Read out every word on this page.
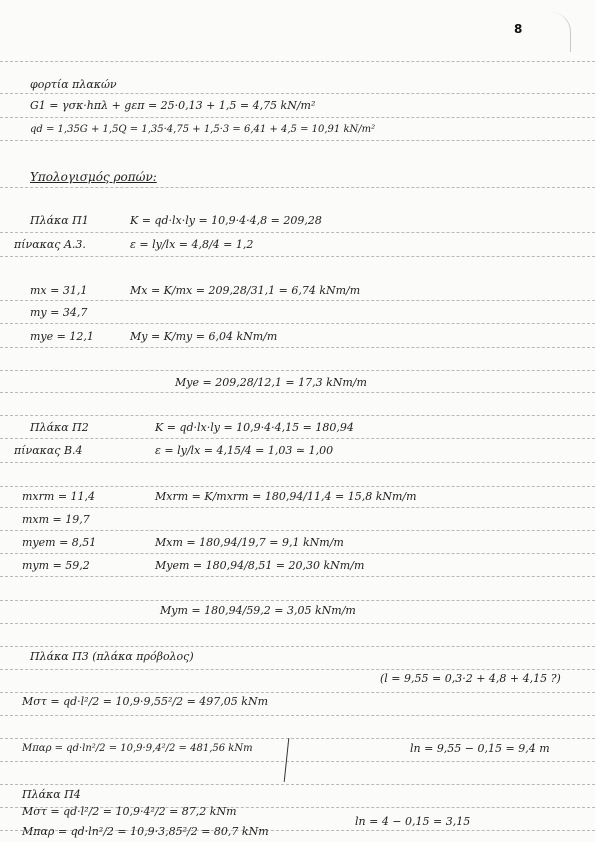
8
φορτία πλακών
G1 = γσκ·hπλ + gεπ = 25·0,13 + 1,5 = 4,75 kN/m²
qd = 1,35G + 1,5Q = 1,35·4,75 + 1,5·3 = 6,41 + 4,5 = 10,91 kN/m²
Υπολογισμός ροπών:
Πλάκα Π1	K = qd·lx·ly = 10,9·4·4,8 = 209,28
πίνακας Α.3.	ε = ly/lx = 4,8/4 = 1,2
mx = 31,1	Mx = K/mx = 209,28/31,1 = 6,74 kNm/m
my = 34,7
mye = 12,1	My = K/my = 6,04 kNm/m
Mye = 209,28/12,1 = 17,3 kNm/m
Πλάκα Π2	K = qd·lx·ly = 10,9·4·4,15 = 180,94
πίνακας Β.4	ε = ly/lx = 4,15/4 = 1,03 ≃ 1,00
mxrm = 11,4	Mxrm = K/mxrm = 180,94/11,4 = 15,8 kNm/m
mxm = 19,7
myem = 8,51	Mxm = 180,94/19,7 = 9,1 kNm/m
mym = 59,2	Myem = 180,94/8,51 = 20,30 kNm/m
Mym = 180,94/59,2 = 3,05 kNm/m
Πλάκα Π3 (πλάκα πρόβολος)
(l = 9,55 = 0,3·2 + 4,8 + 4,15 ?)
Mστ = qd·l²/2 = 10,9·9,55²/2 = 497,05 kNm
Mπαρ = qd·ln²/2 = 10,9·9,4²/2 = 481,56 kNm	ln = 9,55 − 0,15 = 9,4 m
Πλάκα Π4
Mστ = qd·l²/2 = 10,9·4²/2 = 87,2 kNm
Mπαρ = qd·ln²/2 = 10,9·3,85²/2 = 80,7 kNm
ln = 4 − 0,15 = 3,15
